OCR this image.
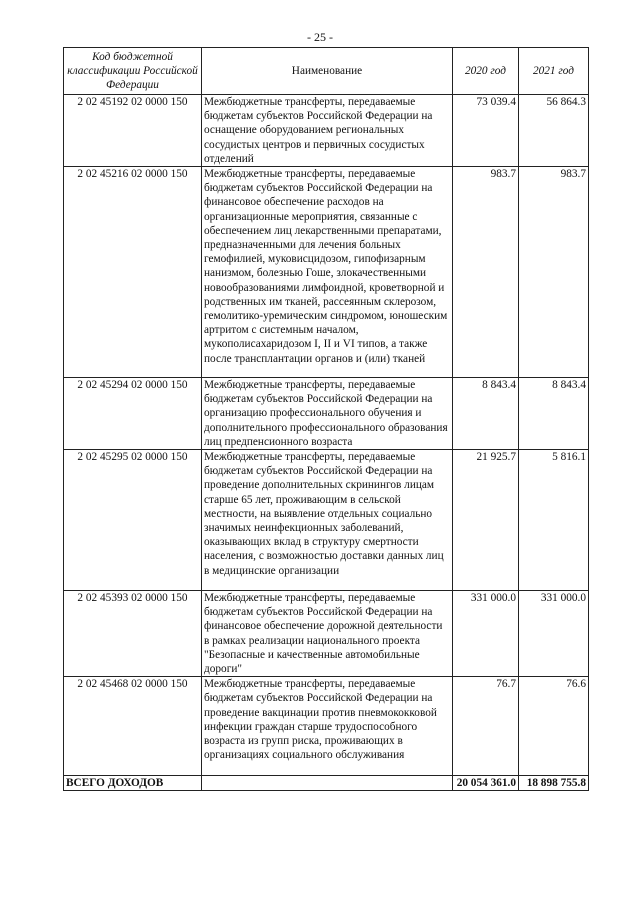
- 25 -
Код бюджетной классификации Российской Федерации	Наименование	2020 год	2021 год
2 02 45192 02 0000 150	Межбюджетные трансферты, передаваемые бюджетам субъектов Российской Федерации на оснащение оборудованием региональных сосудистых центров и первичных сосудистых отделений	73 039.4	56 864.3
2 02 45216 02 0000 150	Межбюджетные трансферты, передаваемые бюджетам субъектов Российской Федерации на финансовое обеспечение расходов на организационные мероприятия, связанные с обеспечением лиц лекарственными препаратами, предназначенными для лечения больных гемофилией, муковисцидозом, гипофизарным нанизмом, болезнью Гоше, злокачественными новообразованиями лимфоидной, кроветворной и родственных им тканей, рассеянным склерозом, гемолитико-уремическим синдромом, юношеским артритом с системным началом, мукополисахаридозом I, II и VI типов, а также после трансплантации органов и (или) тканей	983.7	983.7
2 02 45294 02 0000 150	Межбюджетные трансферты, передаваемые бюджетам субъектов Российской Федерации на организацию профессионального обучения и дополнительного профессионального образования лиц предпенсионного возраста	8 843.4	8 843.4
2 02 45295 02 0000 150	Межбюджетные трансферты, передаваемые бюджетам субъектов Российской Федерации на проведение дополнительных скринингов лицам старше 65 лет, проживающим в сельской местности, на выявление отдельных социально значимых неинфекционных заболеваний, оказывающих вклад в структуру смертности населения, с возможностью доставки данных лиц в медицинские организации	21 925.7	5 816.1
2 02 45393 02 0000 150	Межбюджетные трансферты, передаваемые бюджетам субъектов Российской Федерации на финансовое обеспечение дорожной деятельности в рамках реализации национального проекта "Безопасные и качественные автомобильные дороги"	331 000.0	331 000.0
2 02 45468 02 0000 150	Межбюджетные трансферты, передаваемые бюджетам субъектов Российской Федерации на проведение вакцинации против пневмококковой инфекции граждан старше трудоспособного возраста из групп риска, проживающих в организациях социального обслуживания	76.7	76.6
ВСЕГО ДОХОДОВ		20 054 361.0	18 898 755.8
